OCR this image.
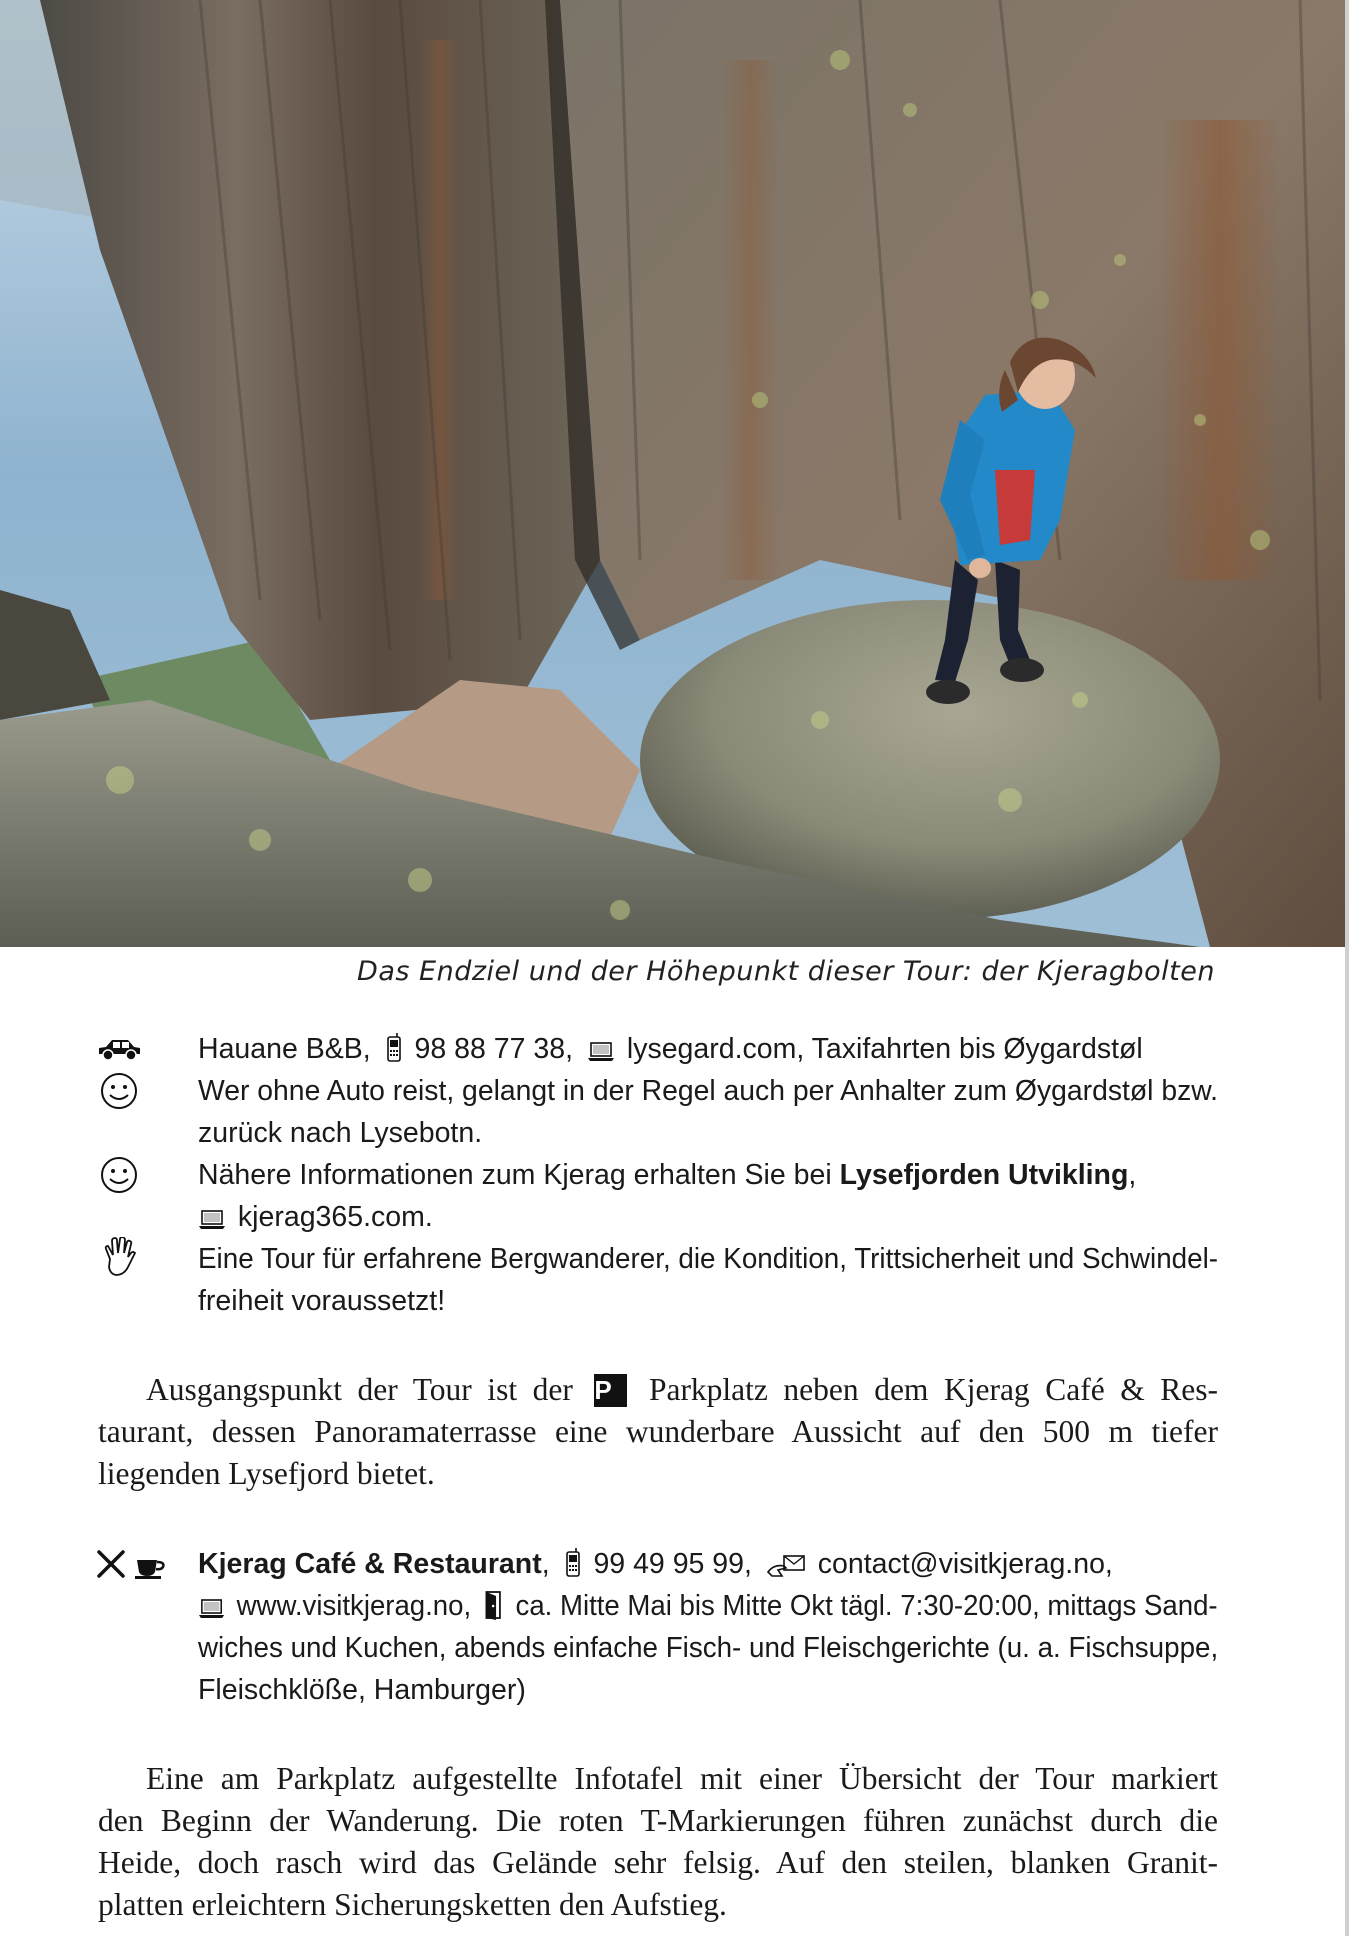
Das Endziel und der Höhepunkt dieser Tour: der Kjeragbolten
Hauane B&B, 98 88 77 38, lysegard.com, Taxifahrten bis Øygardstøl
Wer ohne Auto reist, gelangt in der Regel auch per Anhalter zum Øygardstøl bzw.
zurück nach Lysebotn.
Nähere Informationen zum Kjerag erhalten Sie bei Lysefjorden Utvikling,
kjerag365.com.
Eine Tour für erfahrene Bergwanderer, die Kondition, Trittsicherheit und Schwindel-
freiheit voraussetzt!
Ausgangspunkt der Tour ist der P Parkplatz neben dem Kjerag Café & Res-
taurant, dessen Panoramaterrasse eine wunderbare Aussicht auf den 500 m tiefer
liegenden Lysefjord bietet.
Kjerag Café & Restaurant, 99 49 95 99, contact@visitkjerag.no,
www.visitkjerag.no, ca. Mitte Mai bis Mitte Okt tägl. 7:30-20:00, mittags Sand-
wiches und Kuchen, abends einfache Fisch- und Fleischgerichte (u. a. Fischsuppe,
Fleischklöße, Hamburger)
Eine am Parkplatz aufgestellte Infotafel mit einer Übersicht der Tour markiert
den Beginn der Wanderung. Die roten T-Markierungen führen zunächst durch die
Heide, doch rasch wird das Gelände sehr felsig. Auf den steilen, blanken Granit-
platten erleichtern Sicherungsketten den Aufstieg.
